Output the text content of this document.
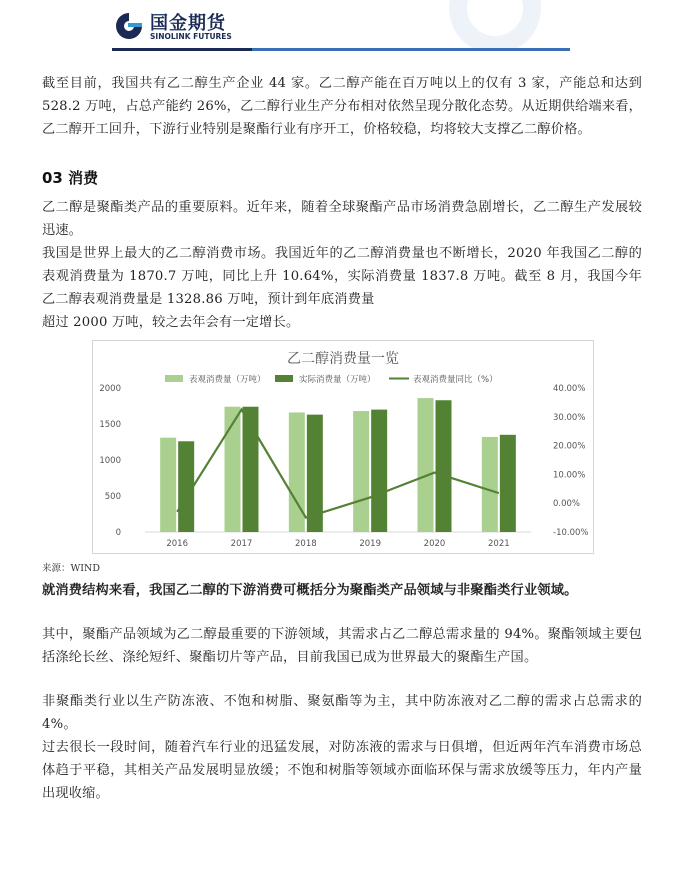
国金期货
SINOLINK FUTURES

截至目前，我国共有乙二醇生产企业 44 家。乙二醇产能在百万吨以上的仅有 3 家，产能总和达到 528.2 万吨，占总产能约 26%，乙二醇行业生产分布相对依然呈现分散化态势。从近期供给端来看，乙二醇开工回升，下游行业特别是聚酯行业有序开工，价格较稳，均将较大支撑乙二醇价格。

03 消费

乙二醇是聚酯类产品的重要原料。近年来，随着全球聚酯产品市场消费急剧增长，乙二醇生产发展较迅速。

我国是世界上最大的乙二醇消费市场。我国近年的乙二醇消费量也不断增长，2020 年我国乙二醇的表观消费量为 1870.7 万吨，同比上升 10.64%，实际消费量 1837.8 万吨。截至 8 月，我国今年乙二醇表观消费量是 1328.86 万吨，预计到年底消费量

超过 2000 万吨，较之去年会有一定增长。

乙二醇消费量一览
表观消费量（万吨）	实际消费量（万吨）	表观消费量同比（%）
0
500
1000
1500
2000
-10.00%
0.00%
10.00%
20.00%
30.00%
40.00%
2016	2017	2018	2019	2020	2021
来源：WIND

就消费结构来看，我国乙二醇的下游消费可概括分为聚酯类产品领域与非聚酯类行业领域。

其中，聚酯产品领域为乙二醇最重要的下游领域，其需求占乙二醇总需求量的 94%。聚酯领域主要包括涤纶长丝、涤纶短纤、聚酯切片等产品，目前我国已成为世界最大的聚酯生产国。

非聚酯类行业以生产防冻液、不饱和树脂、聚氨酯等为主，其中防冻液对乙二醇的需求占总需求的 4%。

过去很长一段时间，随着汽车行业的迅猛发展，对防冻液的需求与日俱增，但近两年汽车消费市场总体趋于平稳，其相关产品发展明显放缓；不饱和树脂等领域亦面临环保与需求放缓等压力，年内产量出现收缩。
